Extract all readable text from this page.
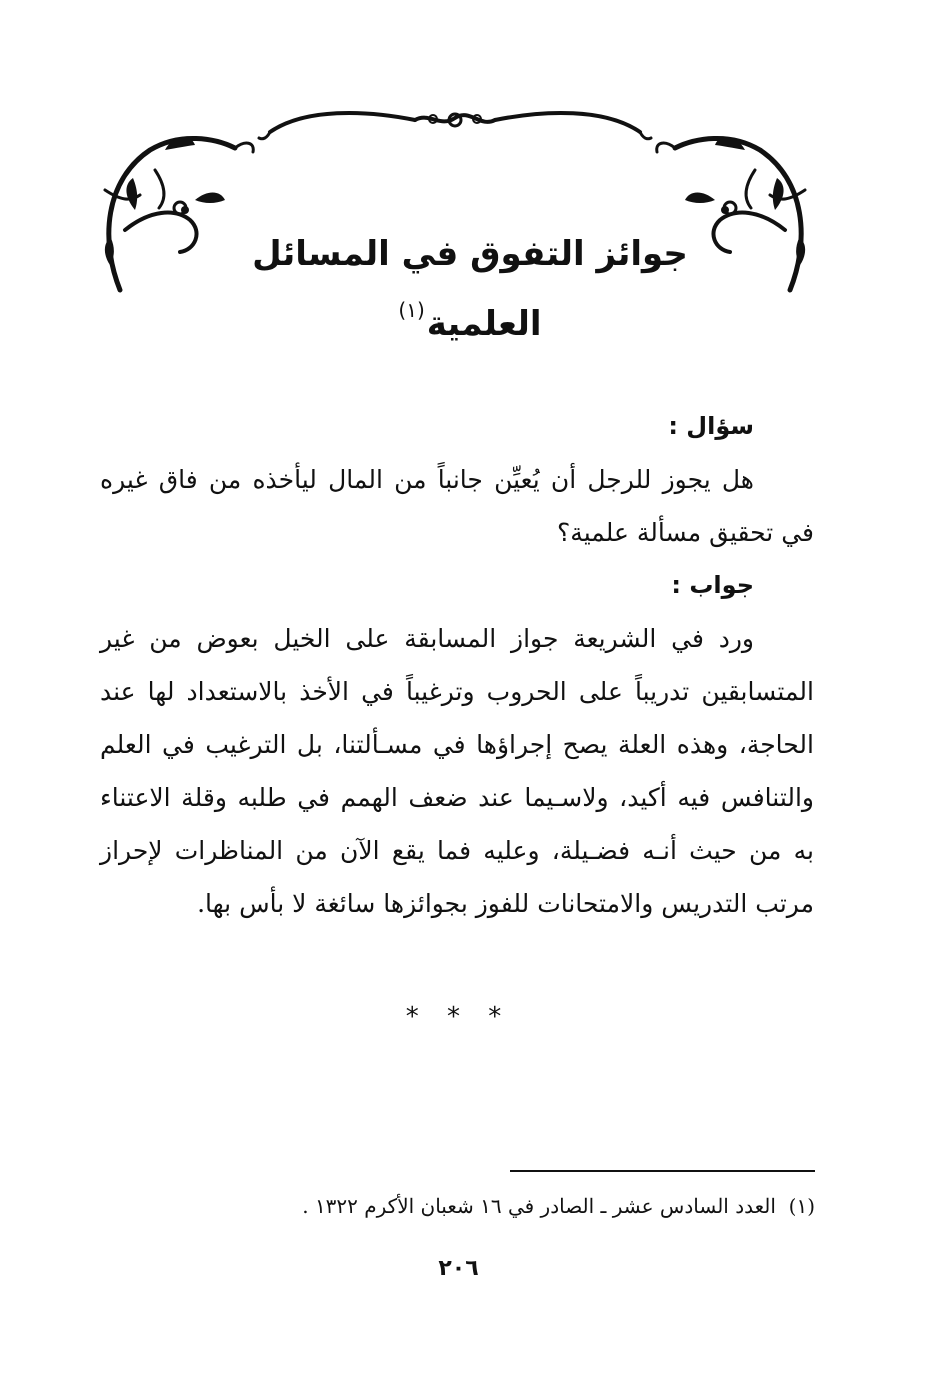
جوائز التفوق في المسائل العلمية$^{(١)}$

سؤال :

هل يجوز للرجل أن يُعيِّن جانباً من المال ليأخذه من فاق غيره في تحقيق مسألة علمية؟

جواب :

ورد في الشريعة جواز المسابقة على الخيل بعوض من غير المتسابقين تدريباً على الحروب وترغيباً في الأخذ بالاستعداد لها عند الحاجة، وهذه العلة يصح إجراؤها في مسـألتنا، بل الترغيب في العلم والتنافس فيه أكيد، ولاسـيما عند ضعف الهمم في طلبه وقلة الاعتناء به من حيث أنـه فضـيلة، وعليه فما يقع الآن من المناظرات لإحراز مرتب التدريس والامتحانات للفوز بجوائزها سائغة لا بأس بها.

* * *
(١)  العدد السادس عشر ـ الصادر في ١٦ شعبان الأكرم ١٣٢٢ .
٢٠٦
